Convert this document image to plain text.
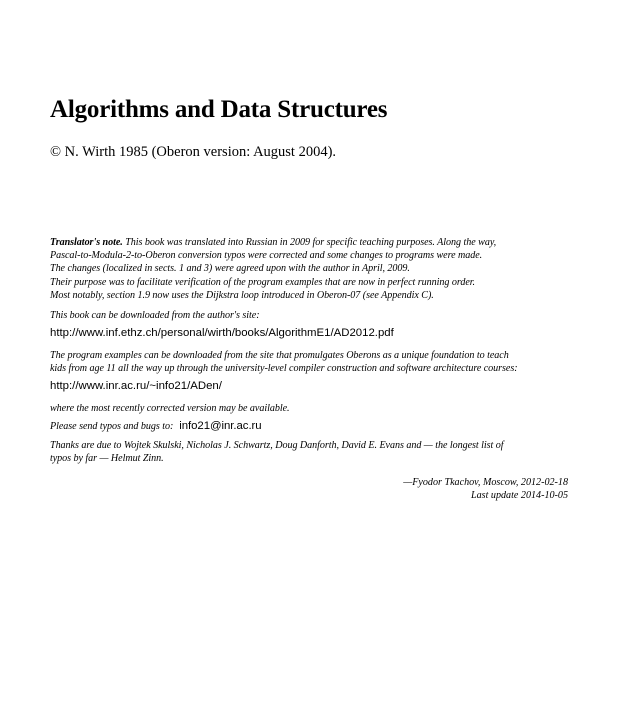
Algorithms and Data Structures
© N. Wirth 1985 (Oberon version: August 2004).

Translator's note. This book was translated into Russian in 2009 for specific teaching purposes. Along the way,

Pascal-to-Modula-2-to-Oberon conversion typos were corrected and some changes to programs were made.

The changes (localized in sects. 1 and 3) were agreed upon with the author in April, 2009.

Their purpose was to facilitate verification of the program examples that are now in perfect running order.

Most notably, section 1.9 now uses the Dijkstra loop introduced in Oberon-07 (see Appendix C).

This book can be downloaded from the author's site:

http://www.inf.ethz.ch/personal/wirth/books/AlgorithmE1/AD2012.pdf

The program examples can be downloaded from the site that promulgates Oberons as a unique foundation to teach

kids from age 11 all the way up through the university-level compiler construction and software architecture courses:

http://www.inr.ac.ru/~info21/ADen/

where the most recently corrected version may be available.

Please send typos and bugs to: info21@inr.ac.ru

Thanks are due to Wojtek Skulski, Nicholas J. Schwartz, Doug Danforth, David E. Evans and — the longest list of

typos by far — Helmut Zinn.

—Fyodor Tkachov, Moscow, 2012-02-18

Last update 2014-10-05
